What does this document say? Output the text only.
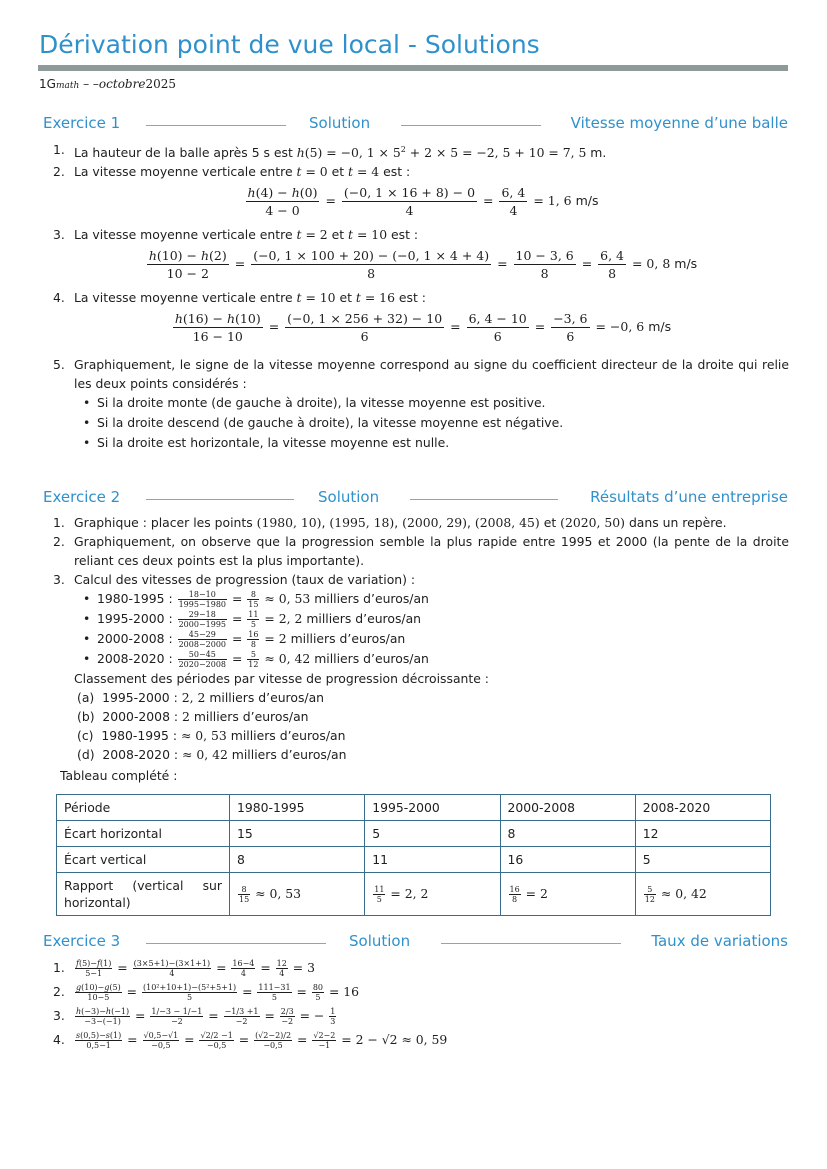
Dérivation point de vue local - Solutions
1Gmath – –octobre2025
Exercice 1	Solution	Vitesse moyenne d’une balle
1. La hauteur de la balle après 5 s est h(5) = −0, $1 \times 5^2 + 2 \times 5 = -2$, 5 + 10 = 7, 5 m.
2. La vitesse moyenne verticale entre t = 0 et t = 4 est :
$\frac{h(4) - h(0)}{4 - 0} = \frac{(-0, 1 \times 16 + 8) - 0}{4} = \frac{6, 4}{4} = 1$, 6 m/s
3. La vitesse moyenne verticale entre t = 2 et t = 10 est :
$\frac{h(10) - h(2)}{10 - 2} = \frac{(-0, 1 \times 100 + 20) - (-0, 1 \times 4 + 4)}{8} = \frac{10 - 3, 6}{8} = \frac{6, 4}{8} = 0$, 8 m/s
4. La vitesse moyenne verticale entre t = 10 et t = 16 est :
$\frac{h(16) - h(10)}{16 - 10} = \frac{(-0, 1 \times 256 + 32) - 10}{6} = \frac{6, 4 - 10}{6} = \frac{-3, 6}{6} = -0$, 6 m/s
5. Graphiquement, le signe de la vitesse moyenne correspond au signe du coefficient directeur de la droite qui relie les deux points considérés :
• Si la droite monte (de gauche à droite), la vitesse moyenne est positive.
• Si la droite descend (de gauche à droite), la vitesse moyenne est négative.
• Si la droite est horizontale, la vitesse moyenne est nulle.
Exercice 2	Solution	Résultats d’une entreprise
1. Graphique : placer les points (1980, 10), (1995, 18), (2000, 29), (2008, 45) et (2020, 50) dans un repère.
2. Graphiquement, on observe que la progression semble la plus rapide entre 1995 et 2000 (la pente de la droite reliant ces deux points est la plus importante).
3. Calcul des vitesses de progression (taux de variation) :
• 1980-1995 : $\frac{18-10}{1995-1980} = \frac{8}{15} \approx 0$, 53 milliers d’euros/an
• 1995-2000 : $\frac{29-18}{2000-1995} = \frac{11}{5} = 2$, 2 milliers d’euros/an
• 2000-2008 : $\frac{45-29}{2008-2000} = \frac{16}{8} = 2$ milliers d’euros/an
• 2008-2020 : $\frac{50-45}{2020-2008} = \frac{5}{12} \approx 0$, 42 milliers d’euros/an
Classement des périodes par vitesse de progression décroissante :
(a)  1995-2000 : 2, 2 milliers d’euros/an
(b)  2000-2008 : 2 milliers d’euros/an
(c)  1980-1995 : ≈ 0, 53 milliers d’euros/an
(d)  2008-2020 : ≈ 0, 42 milliers d’euros/an
Tableau complété :
Période	1980-1995	1995-2000	2000-2008	2008-2020
Écart horizontal	15	5	8	12
Écart vertical	8	11	16	5
Rapport (vertical sur

horizontal)	$\frac{8}{15} \approx 0$, 53	$\frac{11}{5} = 2$, 2	$\frac{16}{8} = 2$	$\frac{5}{12} \approx 0$, 42
Exercice 3	Solution	Taux de variations
1. $\frac{f(5)-f(1)}{5-1} = \frac{(3\times 5+1)-(3\times 1+1)}{4} = \frac{16-4}{4} = \frac{12}{4} = 3$
2. $\frac{g(10)-g(5)}{10-5} = \frac{\text{(10²+10+1)−(5²+5+1)}}{5} = \frac{111-31}{5} = \frac{80}{5} = 16$
3. $\frac{h(-3)-h(-1)}{-3-(-1)} = \frac{1/-3 - 1/-1}{-2} = \frac{-1/3 +1}{-2} = \frac{2/3}{-2}$ = − $\frac{1}{3}$
4. $\frac{s(0,5)-s(1)}{0,5-1} = \frac{√0,5-√1}{-0,5} = \frac{√2/2 -1}{-0,5} = \frac{(√2-2)/2}{-0,5} = \frac{√2-2}{-1} = 2 - √2 \approx 0$, 59
